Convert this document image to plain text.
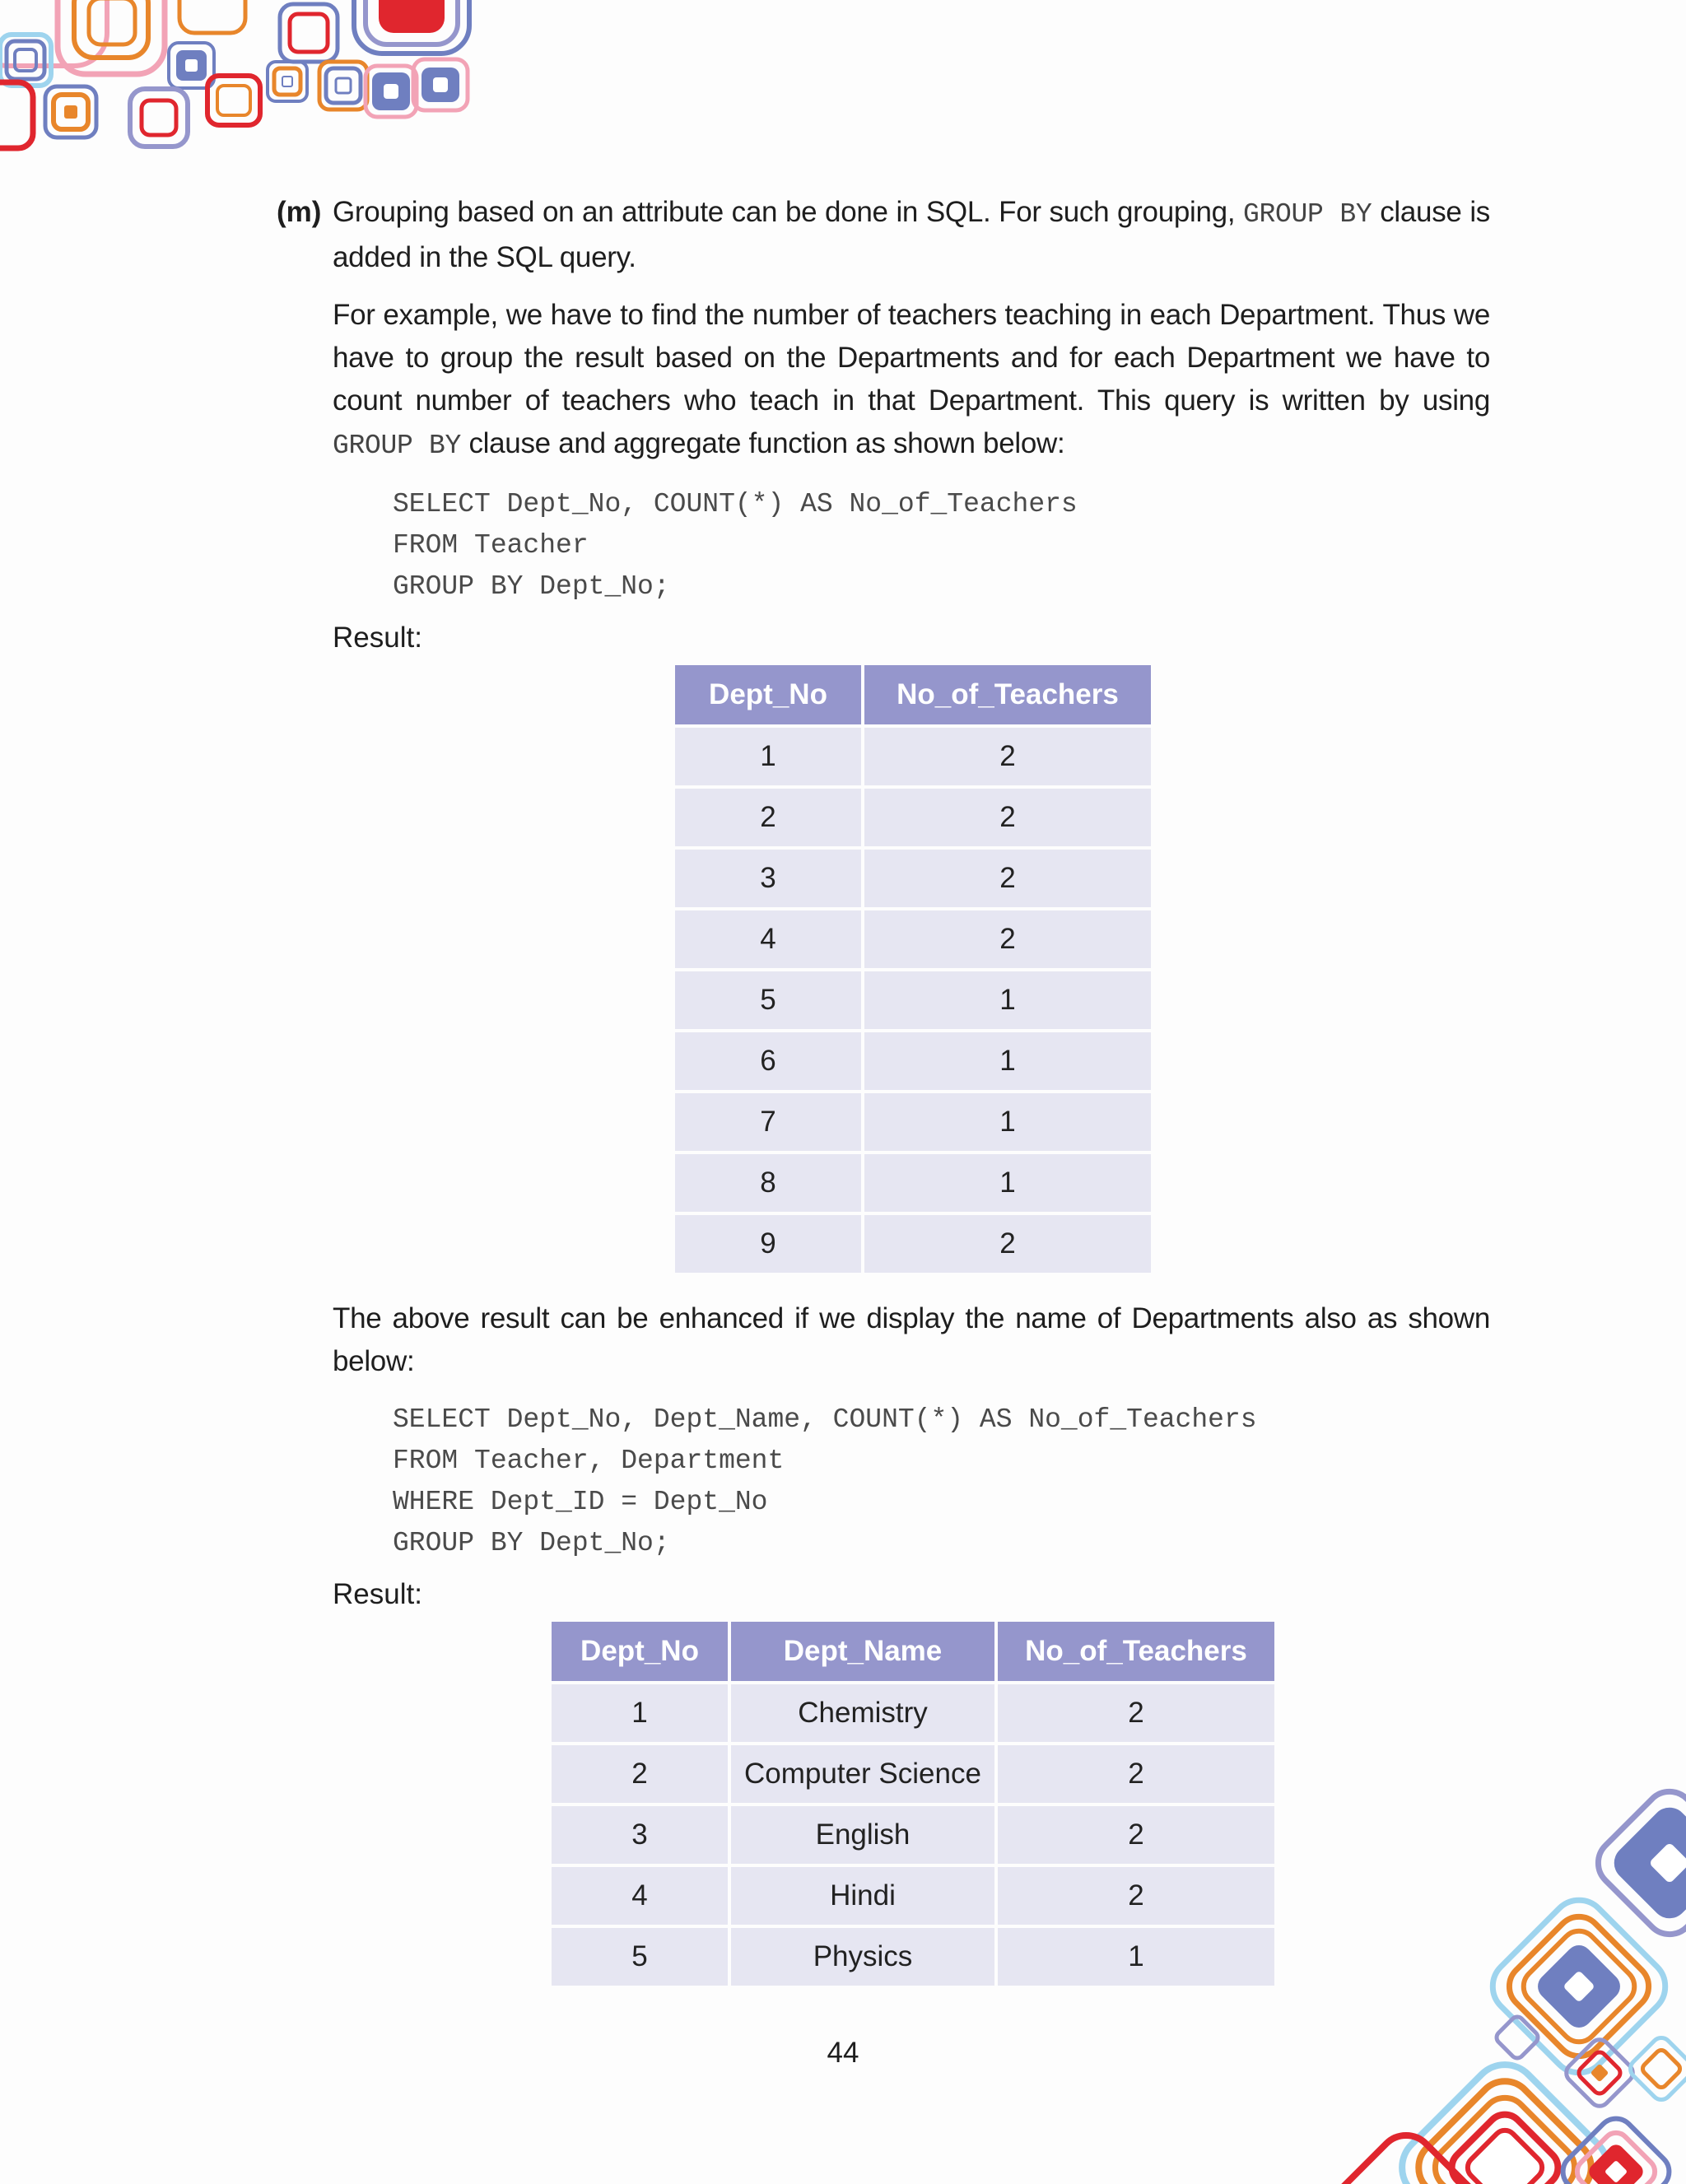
(m) Grouping based on an attribute can be done in SQL. For such grouping, GROUP BY clause is added in the SQL query.

For example, we have to find the number of teachers teaching in each Department. Thus we have to group the result based on the Departments and for each Department we have to count number of teachers who teach in that Department. This query is written by using GROUP BY clause and aggregate function as shown below:

SELECT Dept_No, COUNT(*) AS No_of_Teachers
FROM Teacher
GROUP BY Dept_No;
Result:
Dept_No	No_of_Teachers
1	2
2	2
3	2
4	2
5	1
6	1
7	1
8	1
9	2

The above result can be enhanced if we display the name of Departments also as shown below:

SELECT Dept_No, Dept_Name, COUNT(*) AS No_of_Teachers
FROM Teacher, Department
WHERE Dept_ID = Dept_No
GROUP BY Dept_No;
Result:
Dept_No	Dept_Name	No_of_Teachers
1	Chemistry	2
2	Computer Science	2
3	English	2
4	Hindi	2
5	Physics	1
44
